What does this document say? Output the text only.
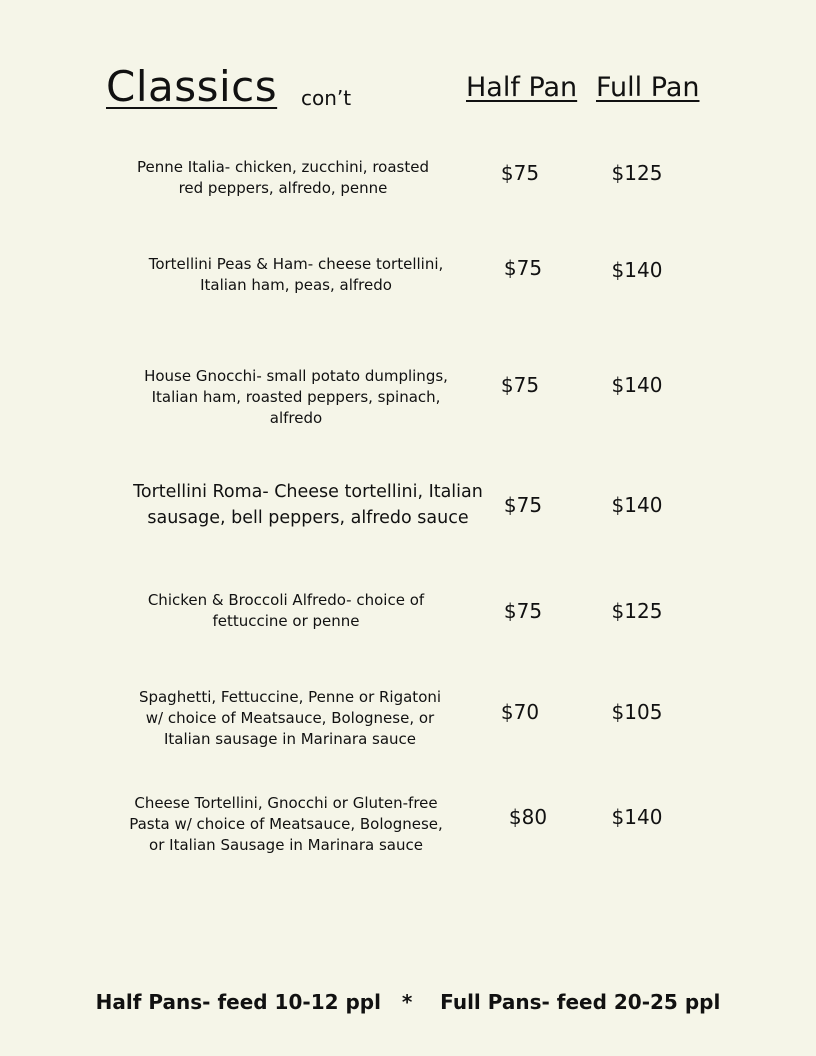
Classics con’t	Half Pan Full Pan
Penne Italia- chicken, zucchini, roasted
red peppers, alfredo, penne
$75	$125
Tortellini Peas & Ham- cheese tortellini,
Italian ham, peas, alfredo
$75	$140
House Gnocchi- small potato dumplings,
Italian ham, roasted peppers, spinach,
alfredo
$75	$140
Tortellini Roma- Cheese tortellini, Italian
sausage, bell peppers, alfredo sauce
$75	$140
Chicken & Broccoli Alfredo- choice of
fettuccine or penne	$75	$125
Spaghetti, Fettuccine, Penne or Rigatoni
w/ choice of Meatsauce, Bolognese, or
Italian sausage in Marinara sauce
$70	$105
Cheese Tortellini, Gnocchi or Gluten-free
Pasta w/ choice of Meatsauce, Bolognese,
or Italian Sausage in Marinara sauce
$80	$140
Half Pans- feed 10-12 ppl   *    Full Pans- feed 20-25 ppl
